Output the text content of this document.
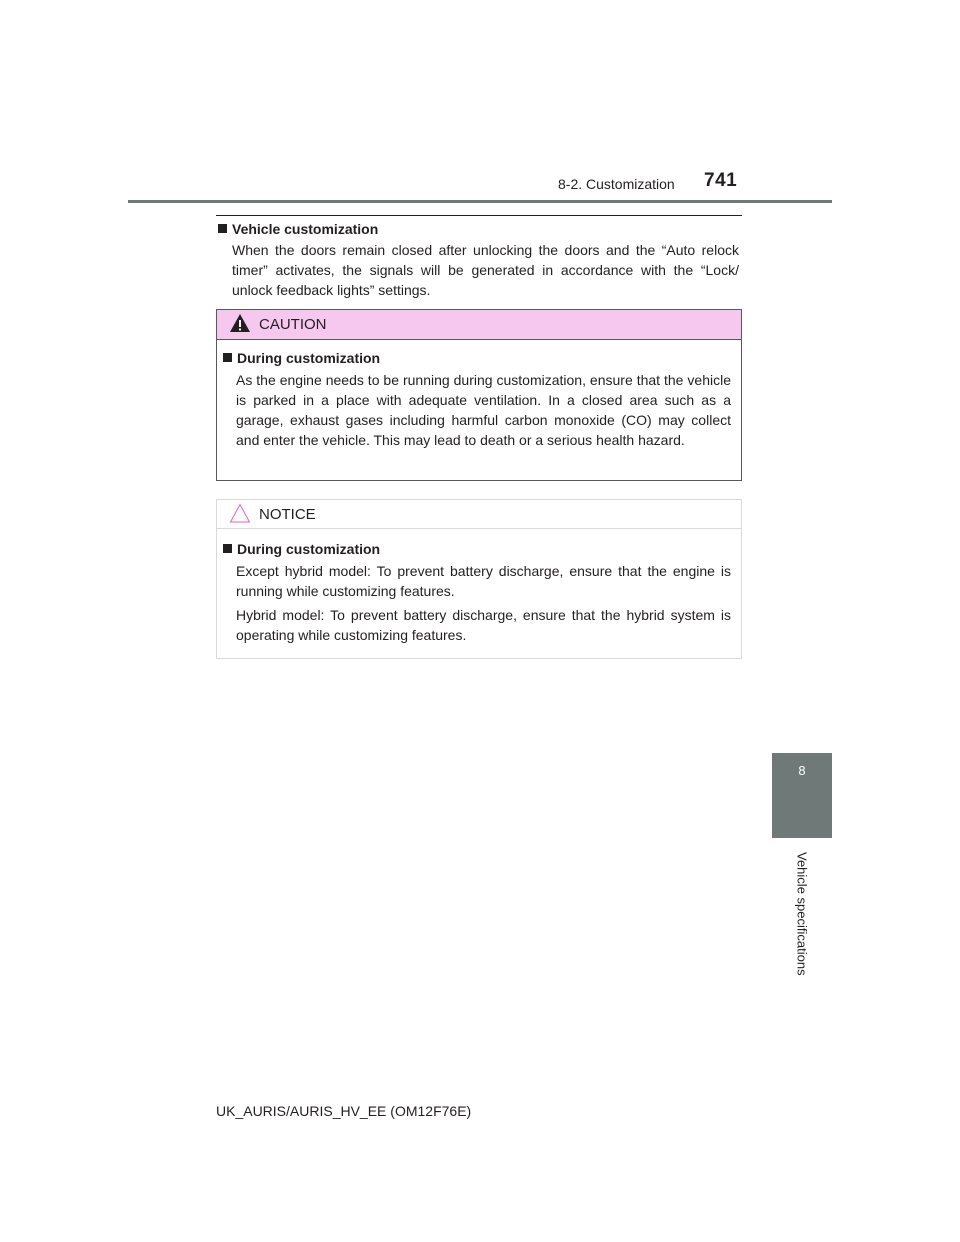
8-2. Customization 741
Vehicle customization
When the doors remain closed after unlocking the doors and the “Auto relock timer” activates, the signals will be generated in accordance with the “Lock/ unlock feedback lights” settings.
CAUTION
During customization
As the engine needs to be running during customization, ensure that the vehicle is parked in a place with adequate ventilation. In a closed area such as a garage, exhaust gases including harmful carbon monoxide (CO) may collect and enter the vehicle. This may lead to death or a serious health hazard.
NOTICE
During customization
Except hybrid model: To prevent battery discharge, ensure that the engine is running while customizing features.
Hybrid model: To prevent battery discharge, ensure that the hybrid system is operating while customizing features.
8
Vehicle specifications
UK_AURIS/AURIS_HV_EE (OM12F76E)
